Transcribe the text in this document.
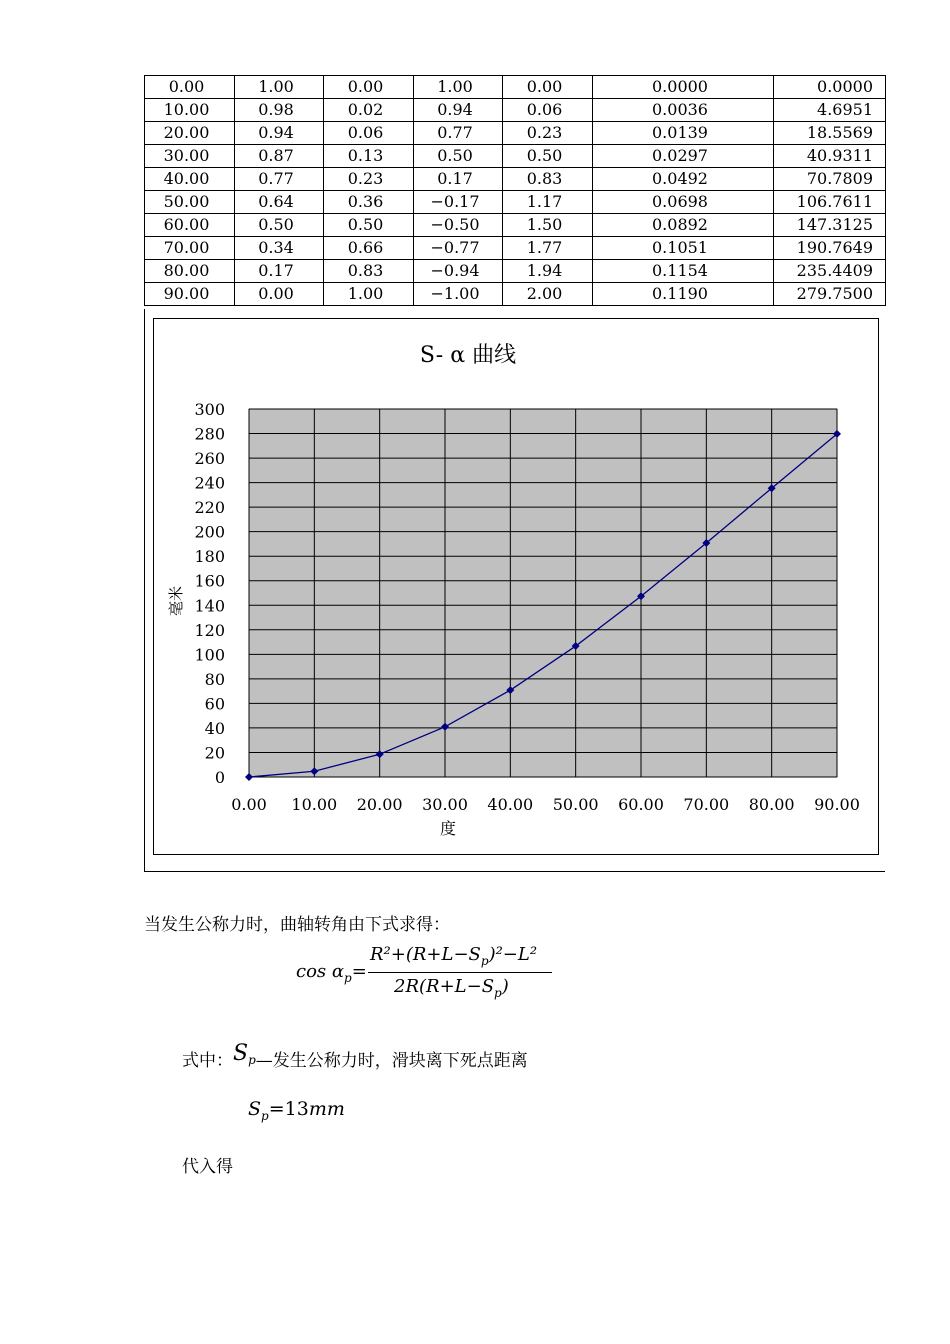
0.00	1.00	0.00	1.00	0.00	0.0000	0.0000
10.00	0.98	0.02	0.94	0.06	0.0036	4.6951
20.00	0.94	0.06	0.77	0.23	0.0139	18.5569
30.00	0.87	0.13	0.50	0.50	0.0297	40.9311
40.00	0.77	0.23	0.17	0.83	0.0492	70.7809
50.00	0.64	0.36	−0.17	1.17	0.0698	106.7611
60.00	0.50	0.50	−0.50	1.50	0.0892	147.3125
70.00	0.34	0.66	−0.77	1.77	0.1051	190.7649
80.00	0.17	0.83	−0.94	1.94	0.1154	235.4409
90.00	0.00	1.00	−1.00	2.00	0.1190	279.7500
0
20
40
60
80
100
120
140
160
180
200
220
240
260
280
300
0.00 10.00 20.00 30.00 40.00 50.00 60.00 70.00 80.00 90.00
S- α 曲线
度
毫米
当发生公称力时，曲轴转角由下式求得：
$\cos \alpha_p=$
$R^2+(R+L-S_p)^2-L^2$
$2R(R+L-S_p)$
式中：Sp—发生公称力时，滑块离下死点距离
$S_p=13mm$
代入得
